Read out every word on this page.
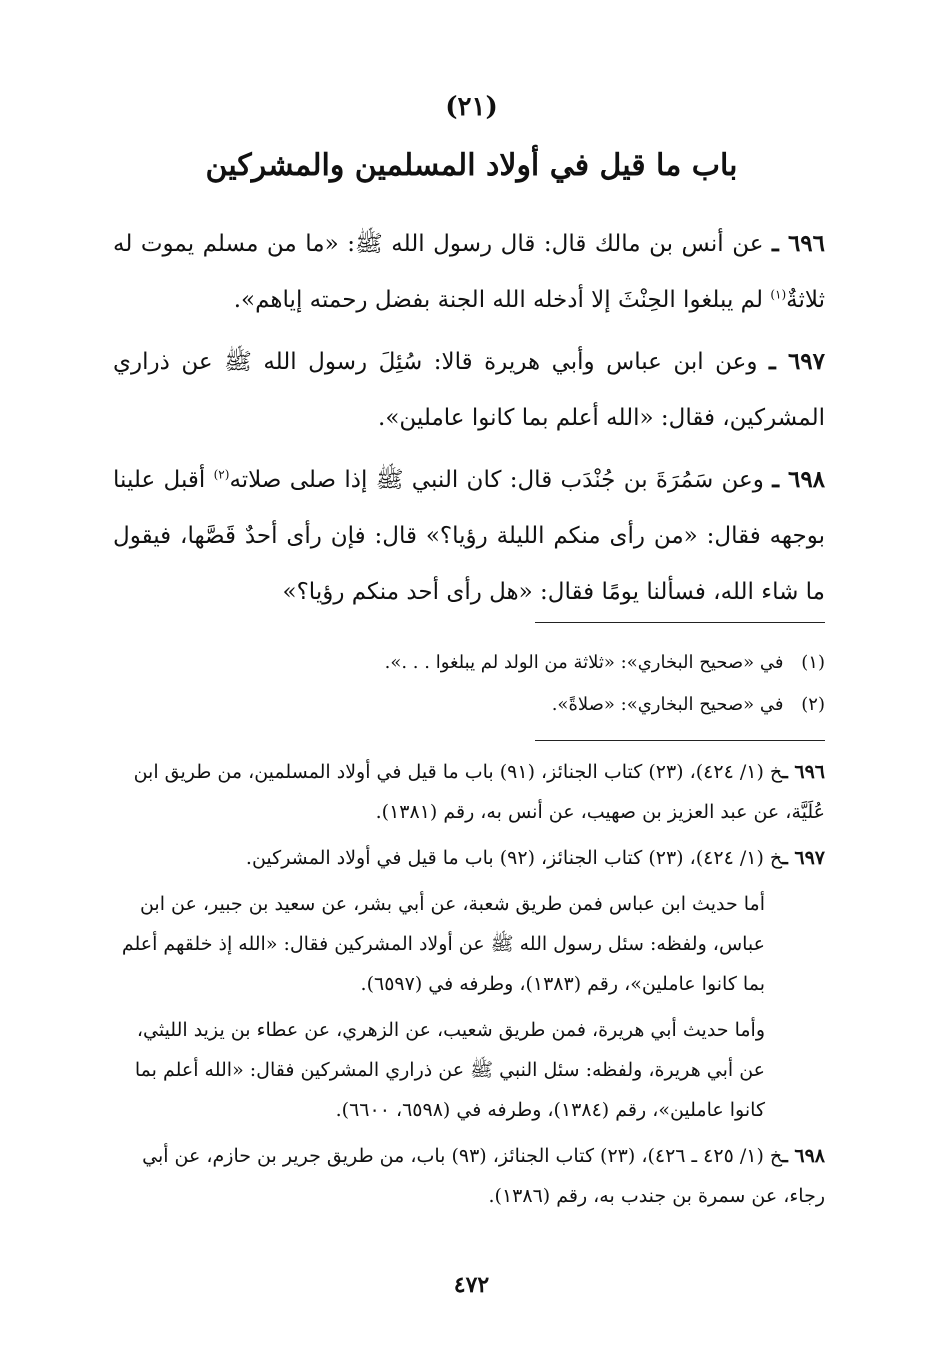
(٢١)
باب ما قيل في أولاد المسلمين والمشركين

٦٩٦ ـ عن أنس بن مالك قال: قال رسول الله ﷺ: «ما من مسلم يموت له ثلاثةٌ$^{(١)}$ لم يبلغوا الحِنْثَ إلا أدخله الله الجنة بفضل رحمته إياهم».

٦٩٧ ـ وعن ابن عباس وأبي هريرة قالا: سُئِلَ رسول الله ﷺ عن ذراري المشركين، فقال: «الله أعلم بما كانوا عاملين».

٦٩٨ ـ وعن سَمُرَةَ بن جُنْدَب قال: كان النبي ﷺ إذا صلى صلاته$^{(٢)}$ أقبل علينا بوجهه فقال: «من رأى منكم الليلة رؤيا؟» قال: فإن رأى أحدٌ قَصَّها، فيقول ما شاء الله، فسألنا يومًا فقال: «هل رأى أحد منكم رؤيا؟»

(١) في «صحيح البخاري»: «ثلاثة من الولد لم يبلغوا . . .».
(٢) في «صحيح البخاري»: «صلاةً».

٦٩٦ ـخ (١/ ٤٢٤)، (٢٣) كتاب الجنائز، (٩١) باب ما قيل في أولاد المسلمين، من طريق ابن عُلَيَّة، عن عبد العزيز بن صهيب، عن أنس به، رقم (١٣٨١).

٦٩٧ ـخ (١/ ٤٢٤)، (٢٣) كتاب الجنائز، (٩٢) باب ما قيل في أولاد المشركين.

أما حديث ابن عباس فمن طريق شعبة، عن أبي بشر، عن سعيد بن جبير، عن ابن عباس، ولفظه: سئل رسول الله ﷺ عن أولاد المشركين فقال: «الله إذ خلقهم أعلم بما كانوا عاملين»، رقم (١٣٨٣)، وطرفه في (٦٥٩٧).

وأما حديث أبي هريرة، فمن طريق شعيب، عن الزهري، عن عطاء بن يزيد الليثي، عن أبي هريرة، ولفظه: سئل النبي ﷺ عن ذراري المشركين فقال: «الله أعلم بما كانوا عاملين»، رقم (١٣٨٤)، وطرفه في (٦٥٩٨، ٦٦٠٠).

٦٩٨ ـخ (١/ ٤٢٥ ـ ٤٢٦)، (٢٣) كتاب الجنائز، (٩٣) باب، من طريق جرير بن حازم، عن أبي رجاء، عن سمرة بن جندب به، رقم (١٣٨٦).

٤٧٢
